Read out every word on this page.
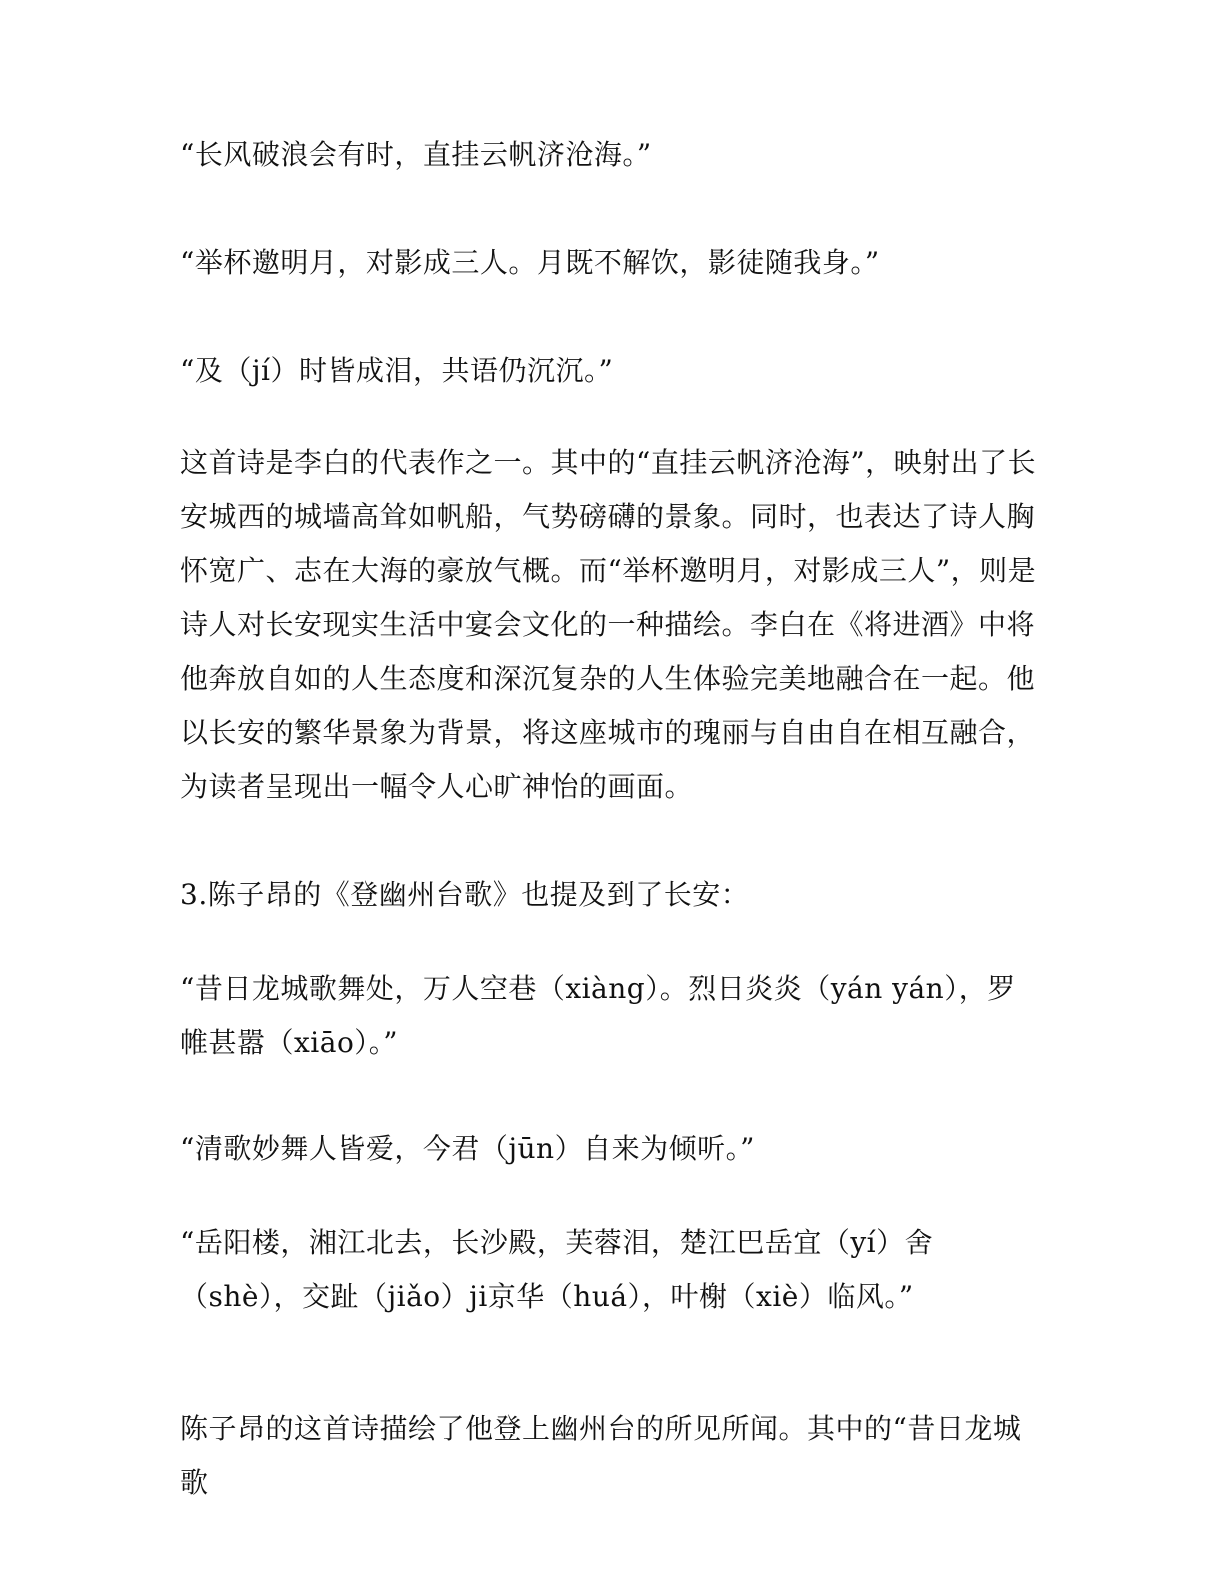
“长风破浪会有时，直挂云帆济沧海。”

“举杯邀明月，对影成三人。月既不解饮，影徒随我身。”

“及（jí）时皆成泪，共语仍沉沉。”

这首诗是李白的代表作之一。其中的“直挂云帆济沧海”，映射出了长安城西的城墙高耸如帆船，气势磅礴的景象。同时，也表达了诗人胸怀宽广、志在大海的豪放气概。而“举杯邀明月，对影成三人”，则是诗人对长安现实生活中宴会文化的一种描绘。李白在《将进酒》中将他奔放自如的人生态度和深沉复杂的人生体验完美地融合在一起。他以长安的繁华景象为背景，将这座城市的瑰丽与自由自在相互融合，为读者呈现出一幅令人心旷神怡的画面。

3.陈子昂的《登幽州台歌》也提及到了长安：

“昔日龙城歌舞处，万人空巷（xiàng）。烈日炎炎（yán yán），罗帷甚嚣（xiāo）。”

“清歌妙舞人皆爱，今君（jūn）自来为倾听。”

“岳阳楼，湘江北去，长沙殿，芙蓉泪，楚江巴岳宜（yí）舍（shè），交趾（jiǎo）ji京华（huá），叶榭（xiè）临风。”

陈子昂的这首诗描绘了他登上幽州台的所见所闻。其中的“昔日龙城歌
